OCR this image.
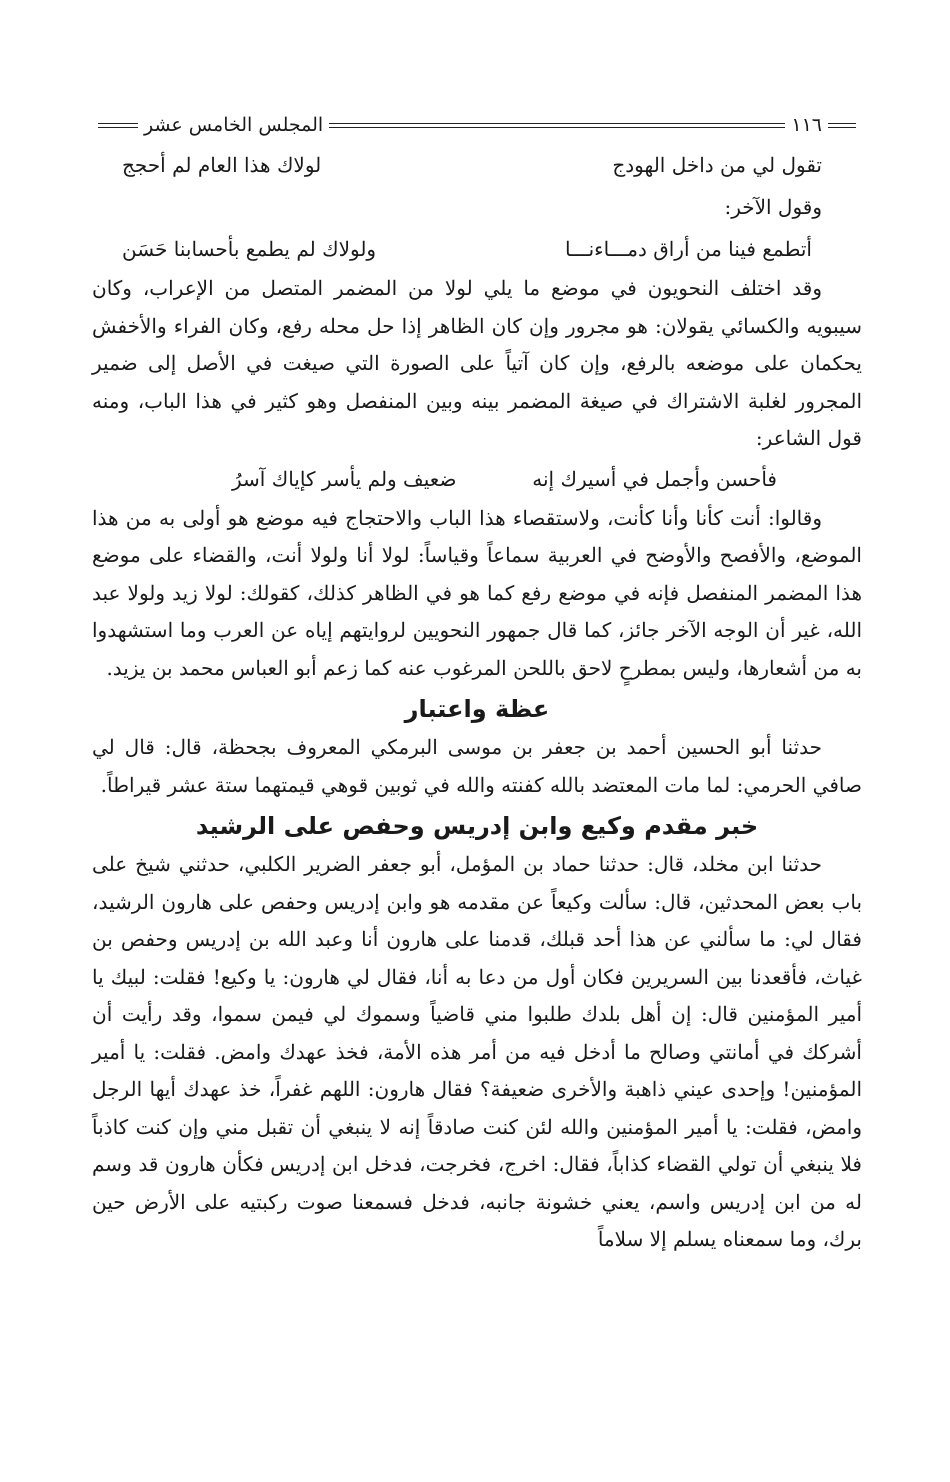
١١٦
المجلس الخامس عشر
تقول لي من داخل الهودج
لولاك هذا العام لم أحجج
وقول الآخر:
أتطمع فينا من أراق دمـــاءنـــا
ولولاك لم يطمع بأحسابنا حَسَن

وقد اختلف النحويون في موضع ما يلي لولا من المضمر المتصل من الإعراب، وكان سيبويه والكسائي يقولان: هو مجرور وإن كان الظاهر إذا حل محله رفع، وكان الفراء والأخفش يحكمان على موضعه بالرفع، وإن كان آتياً على الصورة التي صيغت في الأصل إلى ضمير المجرور لغلبة الاشتراك في صيغة المضمر بينه وبين المنفصل وهو كثير في هذا الباب، ومنه قول الشاعر:

فأحسن وأجمل في أسيرك إنه
ضعيف ولم يأسر كإياك آسرُ

وقالوا: أنت كأنا وأنا كأنت، ولاستقصاء هذا الباب والاحتجاج فيه موضع هو أولى به من هذا الموضع، والأفصح والأوضح في العربية سماعاً وقياساً: لولا أنا ولولا أنت، والقضاء على موضع هذا المضمر المنفصل فإنه في موضع رفع كما هو في الظاهر كذلك، كقولك: لولا زيد ولولا عبد الله، غير أن الوجه الآخر جائز، كما قال جمهور النحويين لروايتهم إياه عن العرب وما استشهدوا به من أشعارها، وليس بمطرحٍ لاحق باللحن المرغوب عنه كما زعم أبو العباس محمد بن يزيد.

عظة واعتبار

حدثنا أبو الحسين أحمد بن جعفر بن موسى البرمكي المعروف بجحظة، قال: قال لي صافي الحرمي: لما مات المعتضد بالله كفنته والله في ثوبين قوهي قيمتهما ستة عشر قيراطاً.

خبر مقدم وكيع وابن إدريس وحفص على الرشيد

حدثنا ابن مخلد، قال: حدثنا حماد بن المؤمل، أبو جعفر الضرير الكلبي، حدثني شيخ على باب بعض المحدثين، قال: سألت وكيعاً عن مقدمه هو وابن إدريس وحفص على هارون الرشيد، فقال لي: ما سألني عن هذا أحد قبلك، قدمنا على هارون أنا وعبد الله بن إدريس وحفص بن غياث، فأقعدنا بين السريرين فكان أول من دعا به أنا، فقال لي هارون: يا وكيع! فقلت: لبيك يا أمير المؤمنين قال: إن أهل بلدك طلبوا مني قاضياً وسموك لي فيمن سموا، وقد رأيت أن أشركك في أمانتي وصالح ما أدخل فيه من أمر هذه الأمة، فخذ عهدك وامض. فقلت: يا أمير المؤمنين! وإحدى عيني ذاهبة والأخرى ضعيفة؟ فقال هارون: اللهم غفراً، خذ عهدك أيها الرجل وامض، فقلت: يا أمير المؤمنين والله لئن كنت صادقاً إنه لا ينبغي أن تقبل مني وإن كنت كاذباً فلا ينبغي أن تولي القضاء كذاباً، فقال: اخرج، فخرجت، فدخل ابن إدريس فكأن هارون قد وسم له من ابن إدريس واسم، يعني خشونة جانبه، فدخل فسمعنا صوت ركبتيه على الأرض حين برك، وما سمعناه يسلم إلا سلاماً
